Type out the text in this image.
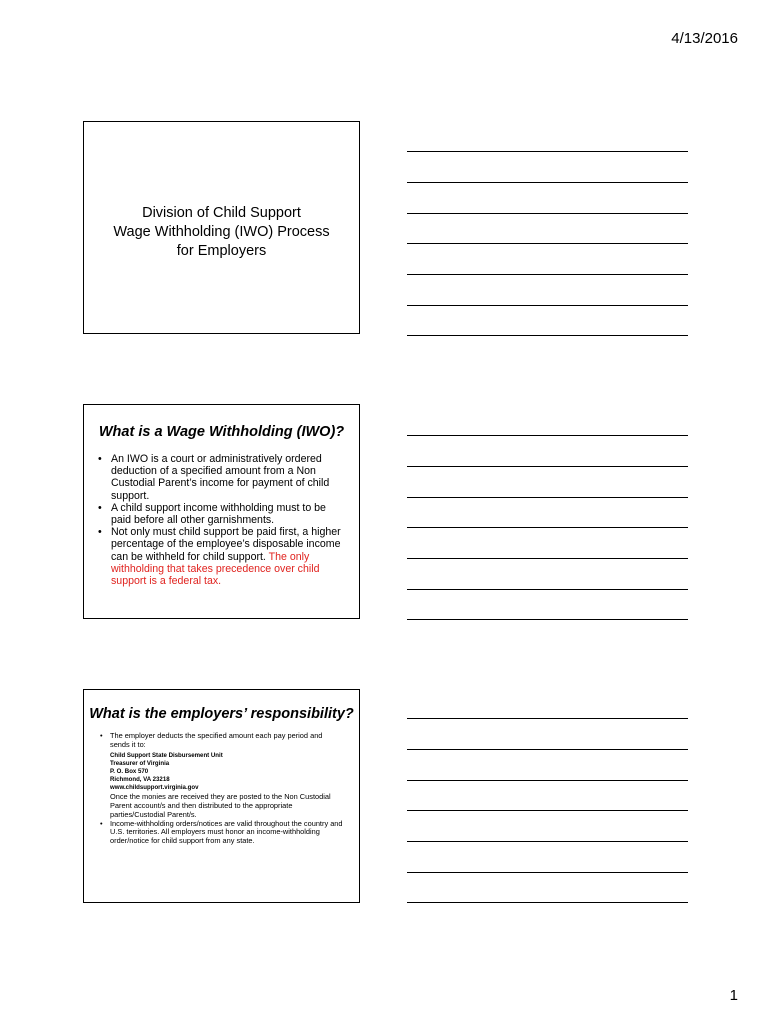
4/13/2016
Division of Child Support
Wage Withholding (IWO) Process
for Employers
What is a Wage Withholding (IWO)?
• An IWO is a court or administratively ordered deduction of a specified amount from a Non Custodial Parent’s income for payment of child support.
• A child support income withholding must to be paid before all other garnishments.
• Not only must child support be paid first, a higher percentage of the employee’s disposable income can be withheld for child support. The only withholding that takes precedence over child support is a federal tax.
What is the employers’ responsibility?
• The employer deducts the specified amount each pay period and sends it to:
Child Support State Disbursement Unit
Treasurer of Virginia
P. O. Box 570
Richmond, VA 23218
www.childsupport.virginia.gov
Once the monies are received they are posted to the Non Custodial Parent account/s and then distributed to the appropriate parties/Custodial Parent/s.
• Income-withholding orders/notices are valid throughout the country and U.S. territories. All employers must honor an income-withholding order/notice for child support from any state.
1
